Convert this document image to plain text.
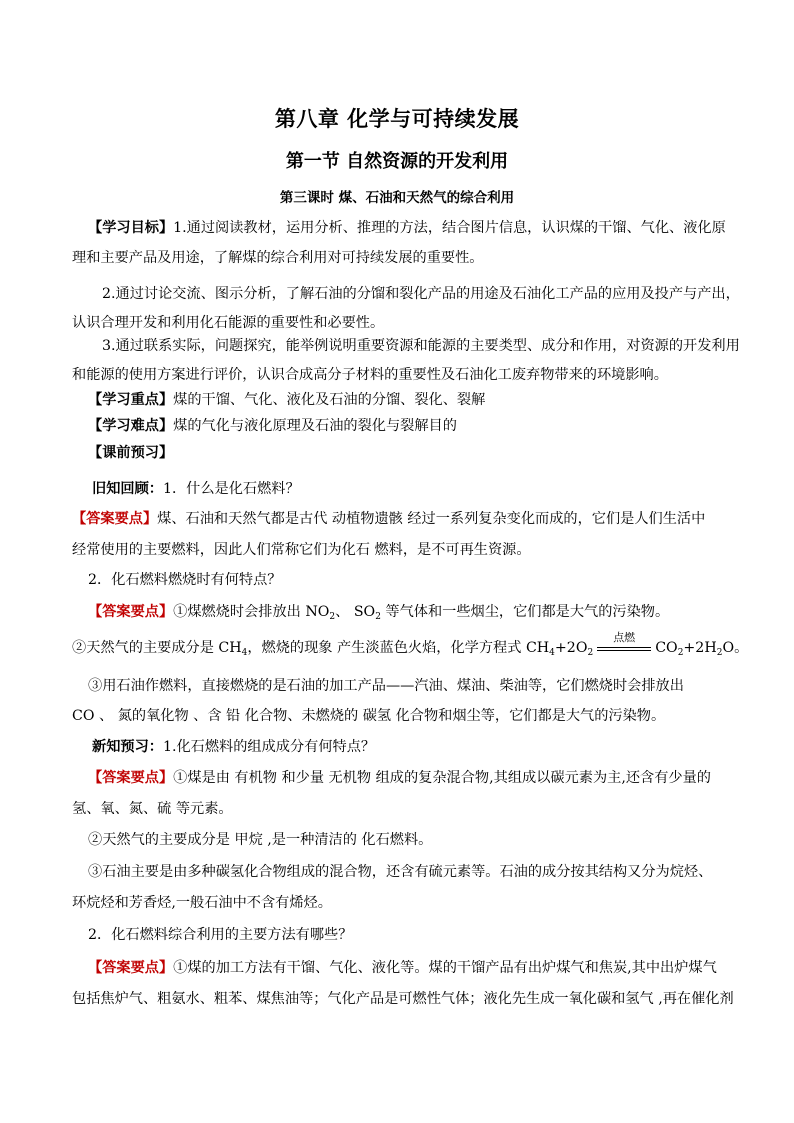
第八章 化学与可持续发展
第一节 自然资源的开发利用
第三课时 煤、石油和天然气的综合利用
【学习目标】1.通过阅读教材，运用分析、推理的方法，结合图片信息，认识煤的干馏、气化、液化原
理和主要产品及用途，了解煤的综合利用对可持续发展的重要性。
2.通过讨论交流、图示分析，了解石油的分馏和裂化产品的用途及石油化工产品的应用及投产与产出，
认识合理开发和利用化石能源的重要性和必要性。
3.通过联系实际，问题探究，能举例说明重要资源和能源的主要类型、成分和作用，对资源的开发利用
和能源的使用方案进行评价，认识合成高分子材料的重要性及石油化工废弃物带来的环境影响。
【学习重点】煤的干馏、气化、液化及石油的分馏、裂化、裂解
【学习难点】煤的气化与液化原理及石油的裂化与裂解目的
【课前预习】
旧知回顾：1．什么是化石燃料？
【答案要点】煤、石油和天然气都是古代 动植物遗骸 经过一系列复杂变化而成的，它们是人们生活中
经常使用的主要燃料，因此人们常称它们为化石 燃料，是不可再生资源。
2．化石燃料燃烧时有何特点？
【答案要点】①煤燃烧时会排放出 $NO_2$、 $SO_2$ 等气体和一些烟尘，它们都是大气的污染物。
②天然气的主要成分是 $CH_4$，燃烧的现象 产生淡蓝色火焰，化学方程式 $CH_4+2O_2$
点燃
$CO_2+2H_2O$。
③用石油作燃料，直接燃烧的是石油的加工产品——汽油、煤油、柴油等，它们燃烧时会排放出
CO 、 氮的氧化物 、含 铅 化合物、未燃烧的 碳氢 化合物和烟尘等，它们都是大气的污染物。
新知预习：1.化石燃料的组成成分有何特点？
【答案要点】①煤是由 有机物 和少量 无机物 组成的复杂混合物,其组成以碳元素为主,还含有少量的
氢、氧、氮、硫 等元素。
②天然气的主要成分是 甲烷 ,是一种清洁的 化石燃料。
③石油主要是由多种碳氢化合物组成的混合物，还含有硫元素等。石油的成分按其结构又分为烷烃、
环烷烃和芳香烃,一般石油中不含有烯烃。
2．化石燃料综合利用的主要方法有哪些？
【答案要点】①煤的加工方法有干馏、气化、液化等。煤的干馏产品有出炉煤气和焦炭,其中出炉煤气
包括焦炉气、粗氨水、粗苯、煤焦油等；气化产品是可燃性气体；液化先生成一氧化碳和氢气 ,再在催化剂
